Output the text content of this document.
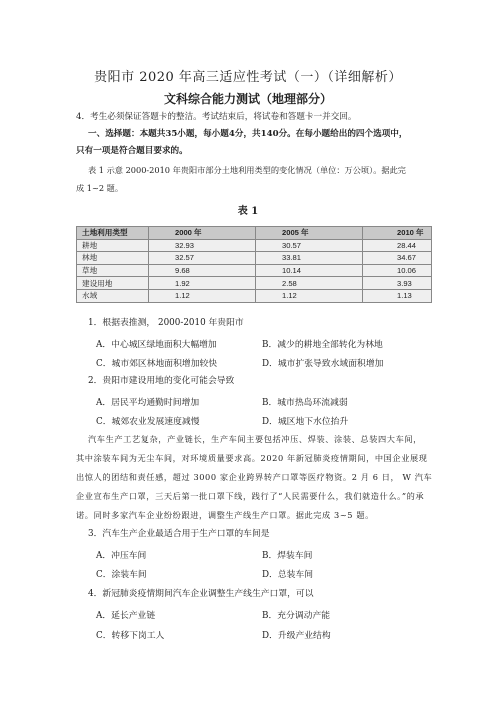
贵阳市 2020 年高三适应性考试（一）（详细解析）
文科综合能力测试（地理部分）
4．考生必须保证答题卡的整洁。考试结束后，将试卷和答题卡一并交回。
一、选择题：本题共35小题，每小题4分，共140分。在每小题给出的四个选项中，
只有一项是符合题目要求的。
表 1 示意 2000-2010 年贵阳市部分土地利用类型的变化情况（单位：万公顷）。据此完
成 1~2 题。
表 1
土地利用类型	2000 年	2005 年	2010 年
耕地	32.93	30.57	28.44
林地	32.57	33.81	34.67
草地	9.68	10.14	10.06
建设用地	1.92	2.58	3.93
水域	1.12	1.12	1.13
1．根据表推测， 2000-2010 年贵阳市
A．中心城区绿地面积大幅增加	B．减少的耕地全部转化为林地
C．城市郊区林地面积增加较快	D．城市扩张导致水域面积增加
2．贵阳市建设用地的变化可能会导致
A．居民平均通勤时间增加	B．城市热岛环流减弱
C．城郊农业发展速度减慢	D．城区地下水位抬升
汽车生产工艺复杂，产业链长，生产车间主要包括冲压、焊装、涂装、总装四大车间，
其中涂装车间为无尘车间，对环境质量要求高。2020 年新冠肺炎疫情期间，中国企业展现
出惊人的团结和责任感，超过 3000 家企业跨界转产口罩等医疗物资。2 月 6 日， W 汽车
企业宣布生产口罩，三天后第一批口罩下线，践行了“人民需要什么，我们就造什么。”的承
诺。同时多家汽车企业纷纷跟进，调整生产线生产口罩。据此完成 3~5 题。
3．汽车生产企业最适合用于生产口罩的车间是
A．冲压车间	B．焊装车间
C．涂装车间	D．总装车间
4．新冠肺炎疫情期间汽车企业调整生产线生产口罩，可以
A．延长产业链	B．充分调动产能
C．转移下岗工人	D．升级产业结构
